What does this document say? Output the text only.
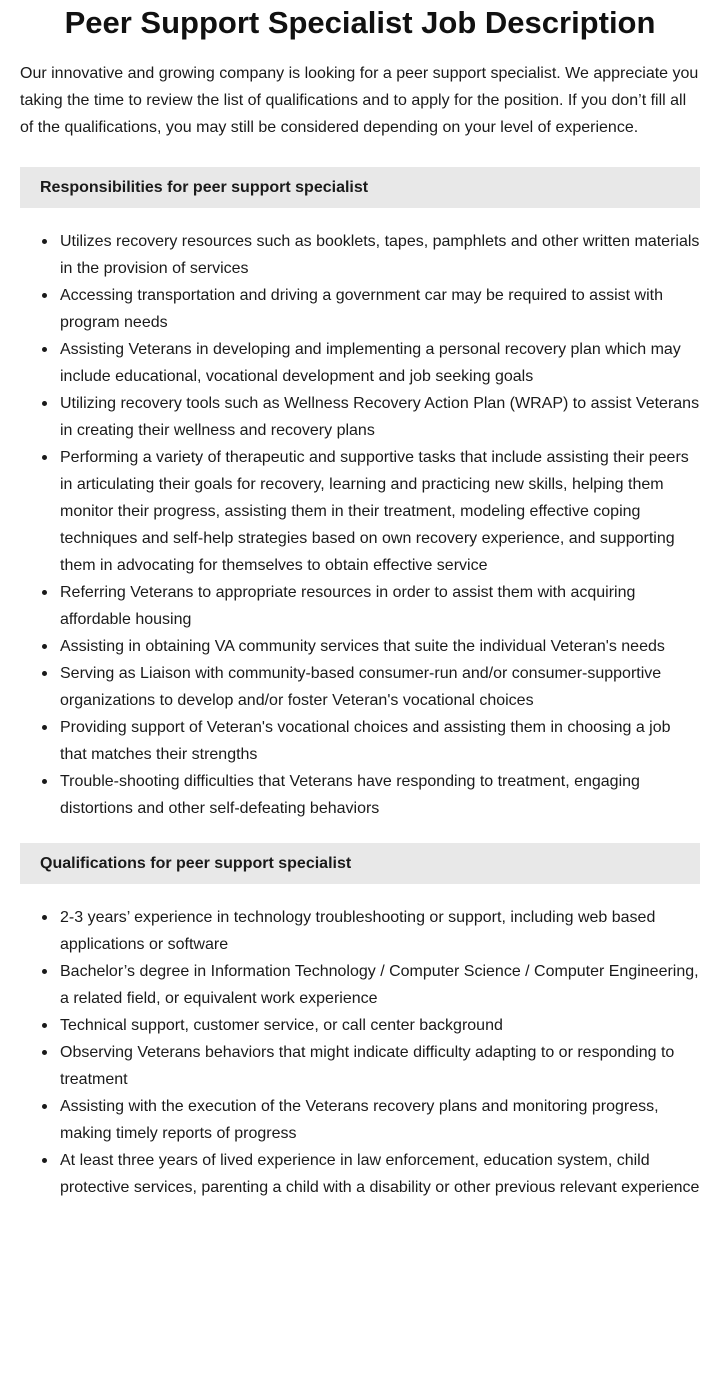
Peer Support Specialist Job Description

Our innovative and growing company is looking for a peer support specialist. We appreciate you taking the time to review the list of qualifications and to apply for the position. If you don’t fill all of the qualifications, you may still be considered depending on your level of experience.

Responsibilities for peer support specialist
Utilizes recovery resources such as booklets, tapes, pamphlets and other written materials in the provision of services
Accessing transportation and driving a government car may be required to assist with program needs
Assisting Veterans in developing and implementing a personal recovery plan which may include educational, vocational development and job seeking goals
Utilizing recovery tools such as Wellness Recovery Action Plan (WRAP) to assist Veterans in creating their wellness and recovery plans
Performing a variety of therapeutic and supportive tasks that include assisting their peers in articulating their goals for recovery, learning and practicing new skills, helping them monitor their progress, assisting them in their treatment, modeling effective coping techniques and self-help strategies based on own recovery experience, and supporting them in advocating for themselves to obtain effective service
Referring Veterans to appropriate resources in order to assist them with acquiring affordable housing
Assisting in obtaining VA community services that suite the individual Veteran's needs
Serving as Liaison with community-based consumer-run and/or consumer-supportive organizations to develop and/or foster Veteran's vocational choices
Providing support of Veteran's vocational choices and assisting them in choosing a job that matches their strengths
Trouble-shooting difficulties that Veterans have responding to treatment, engaging distortions and other self-defeating behaviors
Qualifications for peer support specialist
2-3 years’ experience in technology troubleshooting or support, including web based applications or software
Bachelor’s degree in Information Technology / Computer Science / Computer Engineering, a related field, or equivalent work experience
Technical support, customer service, or call center background
Observing Veterans behaviors that might indicate difficulty adapting to or responding to treatment
Assisting with the execution of the Veterans recovery plans and monitoring progress, making timely reports of progress
At least three years of lived experience in law enforcement, education system, child protective services, parenting a child with a disability or other previous relevant experience
